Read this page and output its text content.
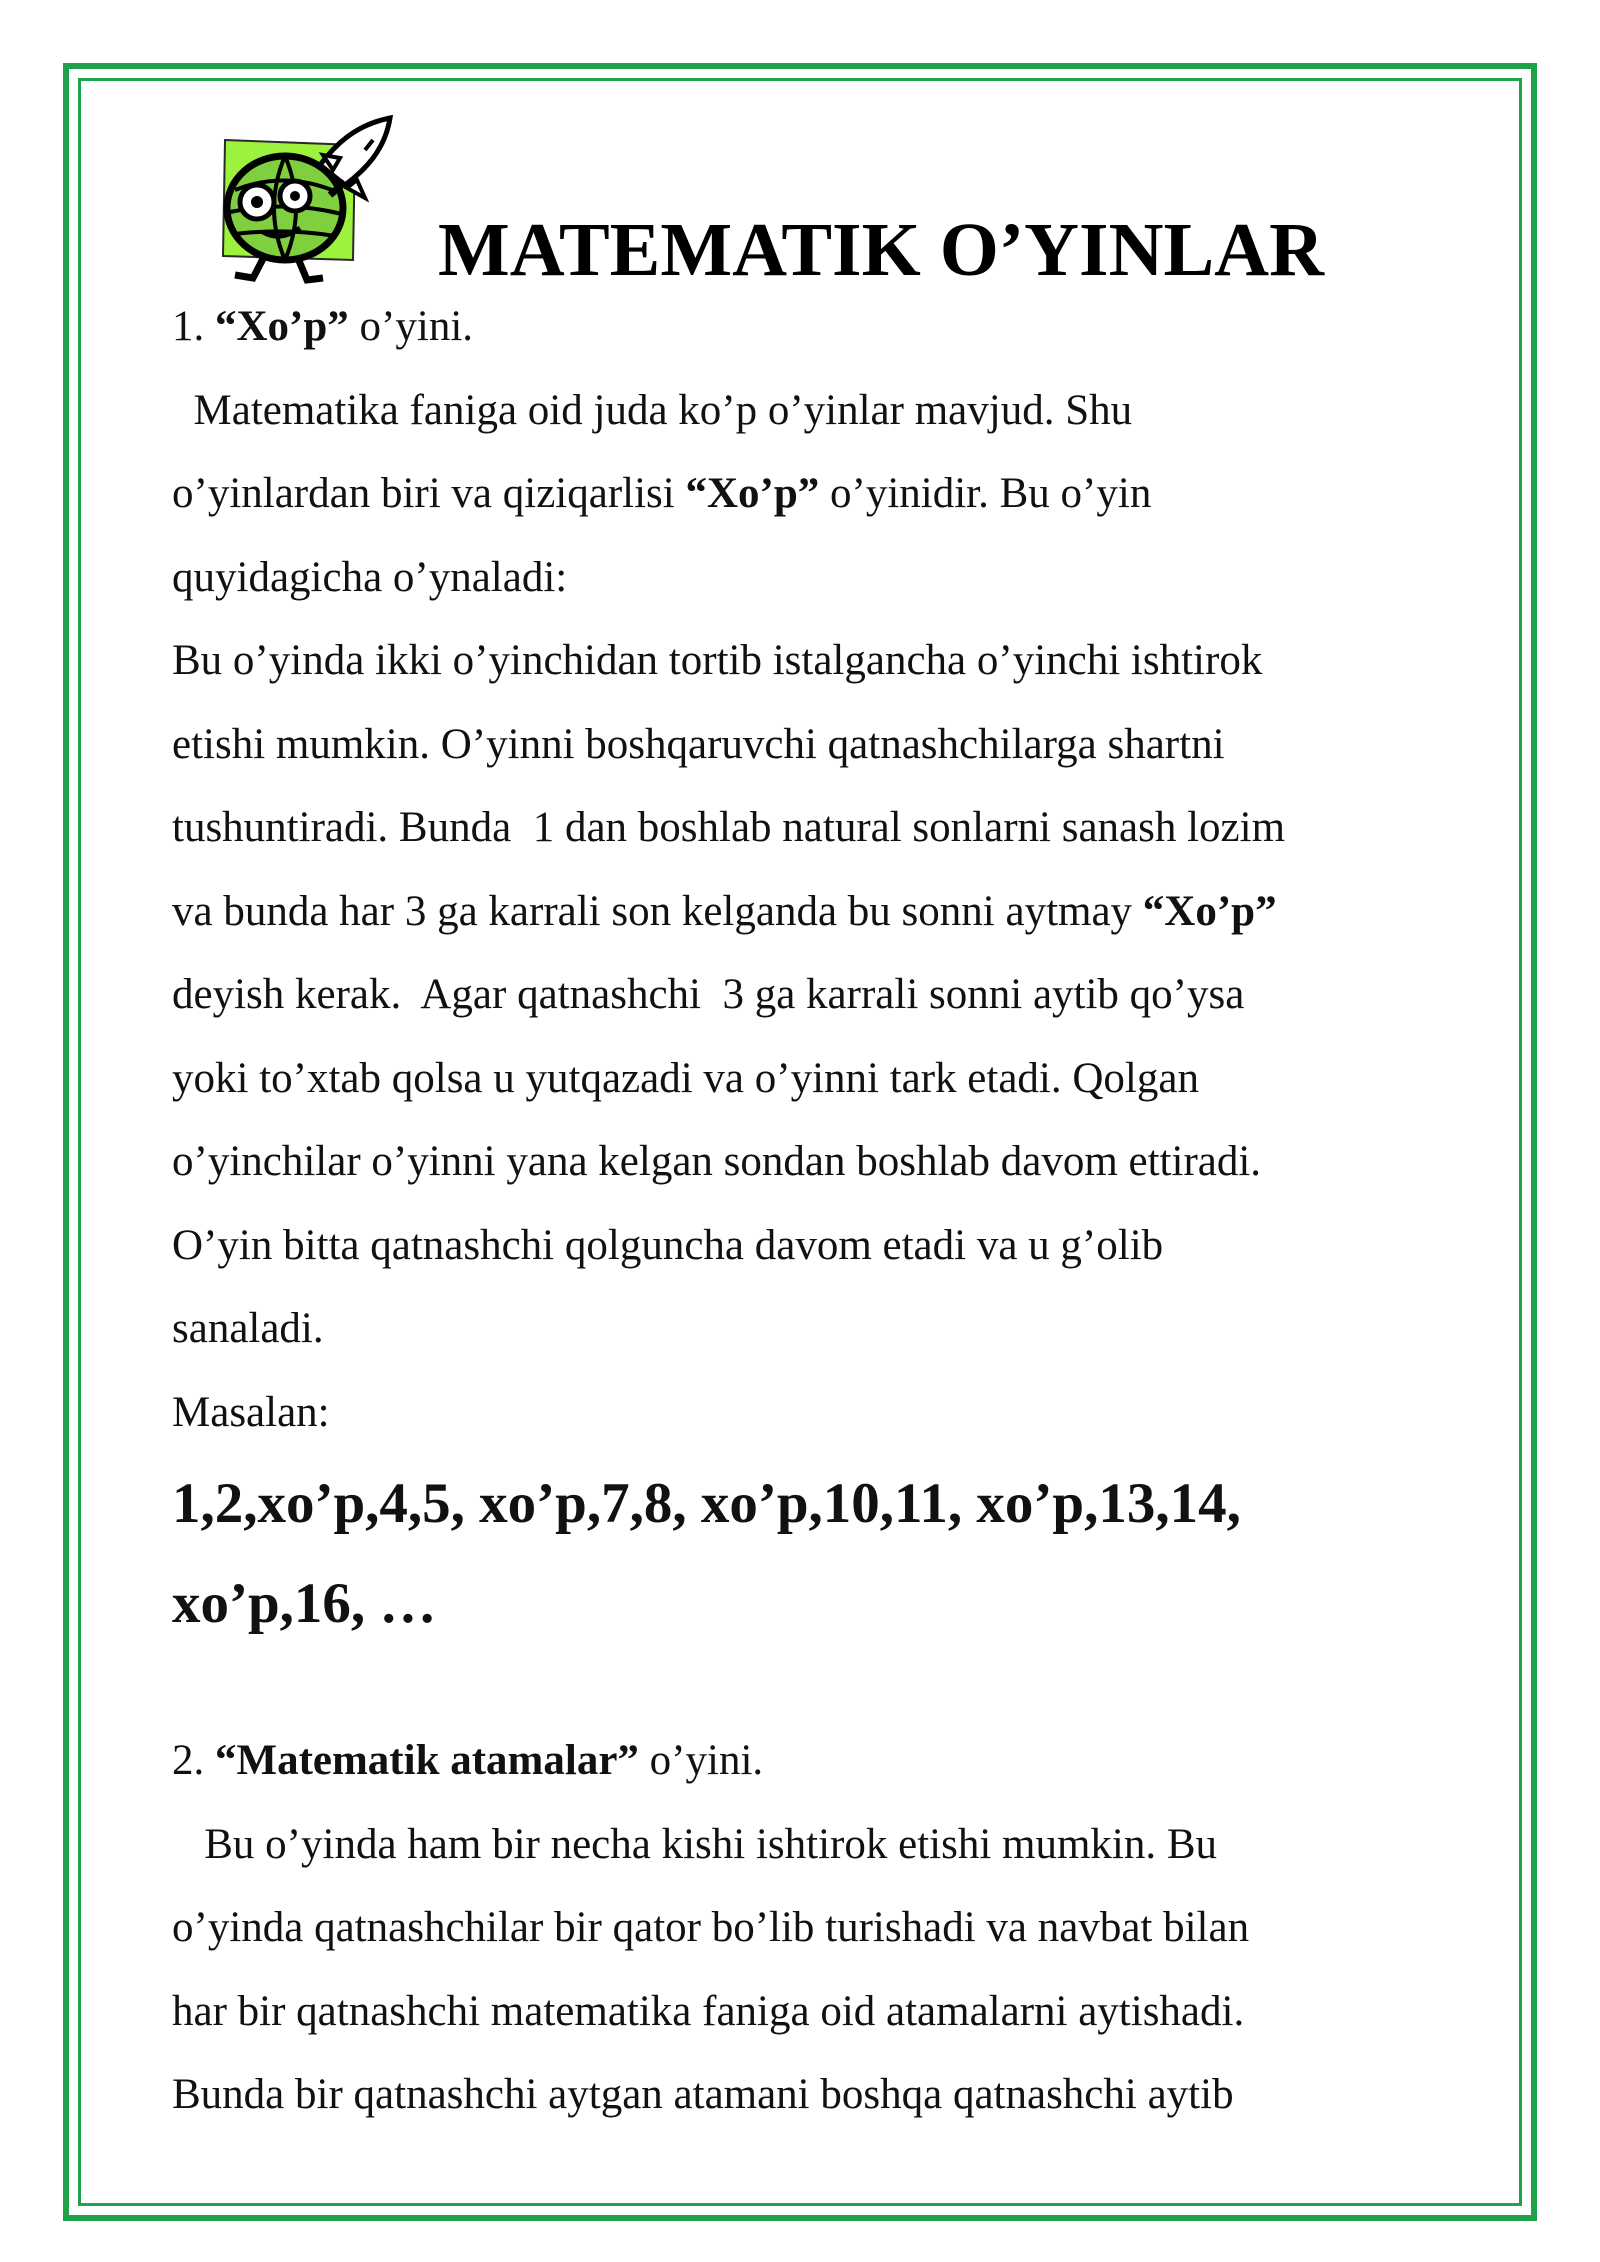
MATEMATIK O’YINLAR

1. “Xo’p” o’yini.

Matematika faniga oid juda ko’p o’yinlar mavjud. Shu

o’yinlardan biri va qiziqarlisi “Xo’p” o’yinidir. Bu o’yin

quyidagicha o’ynaladi:

Bu o’yinda ikki o’yinchidan tortib istalgancha o’yinchi ishtirok

etishi mumkin. O’yinni boshqaruvchi qatnashchilarga shartni

tushuntiradi. Bunda  1 dan boshlab natural sonlarni sanash lozim

va bunda har 3 ga karrali son kelganda bu sonni aytmay “Xo’p”

deyish kerak.  Agar qatnashchi  3 ga karrali sonni aytib qo’ysa

yoki to’xtab qolsa u yutqazadi va o’yinni tark etadi. Qolgan

o’yinchilar o’yinni yana kelgan sondan boshlab davom ettiradi.

O’yin bitta qatnashchi qolguncha davom etadi va u g’olib

sanaladi.

Masalan:

1,2,xo’p,4,5, xo’p,7,8, xo’p,10,11, xo’p,13,14,

xo’p,16, …

2. “Matematik atamalar” o’yini.

Bu o’yinda ham bir necha kishi ishtirok etishi mumkin. Bu

o’yinda qatnashchilar bir qator bo’lib turishadi va navbat bilan

har bir qatnashchi matematika faniga oid atamalarni aytishadi.

Bunda bir qatnashchi aytgan atamani boshqa qatnashchi aytib
